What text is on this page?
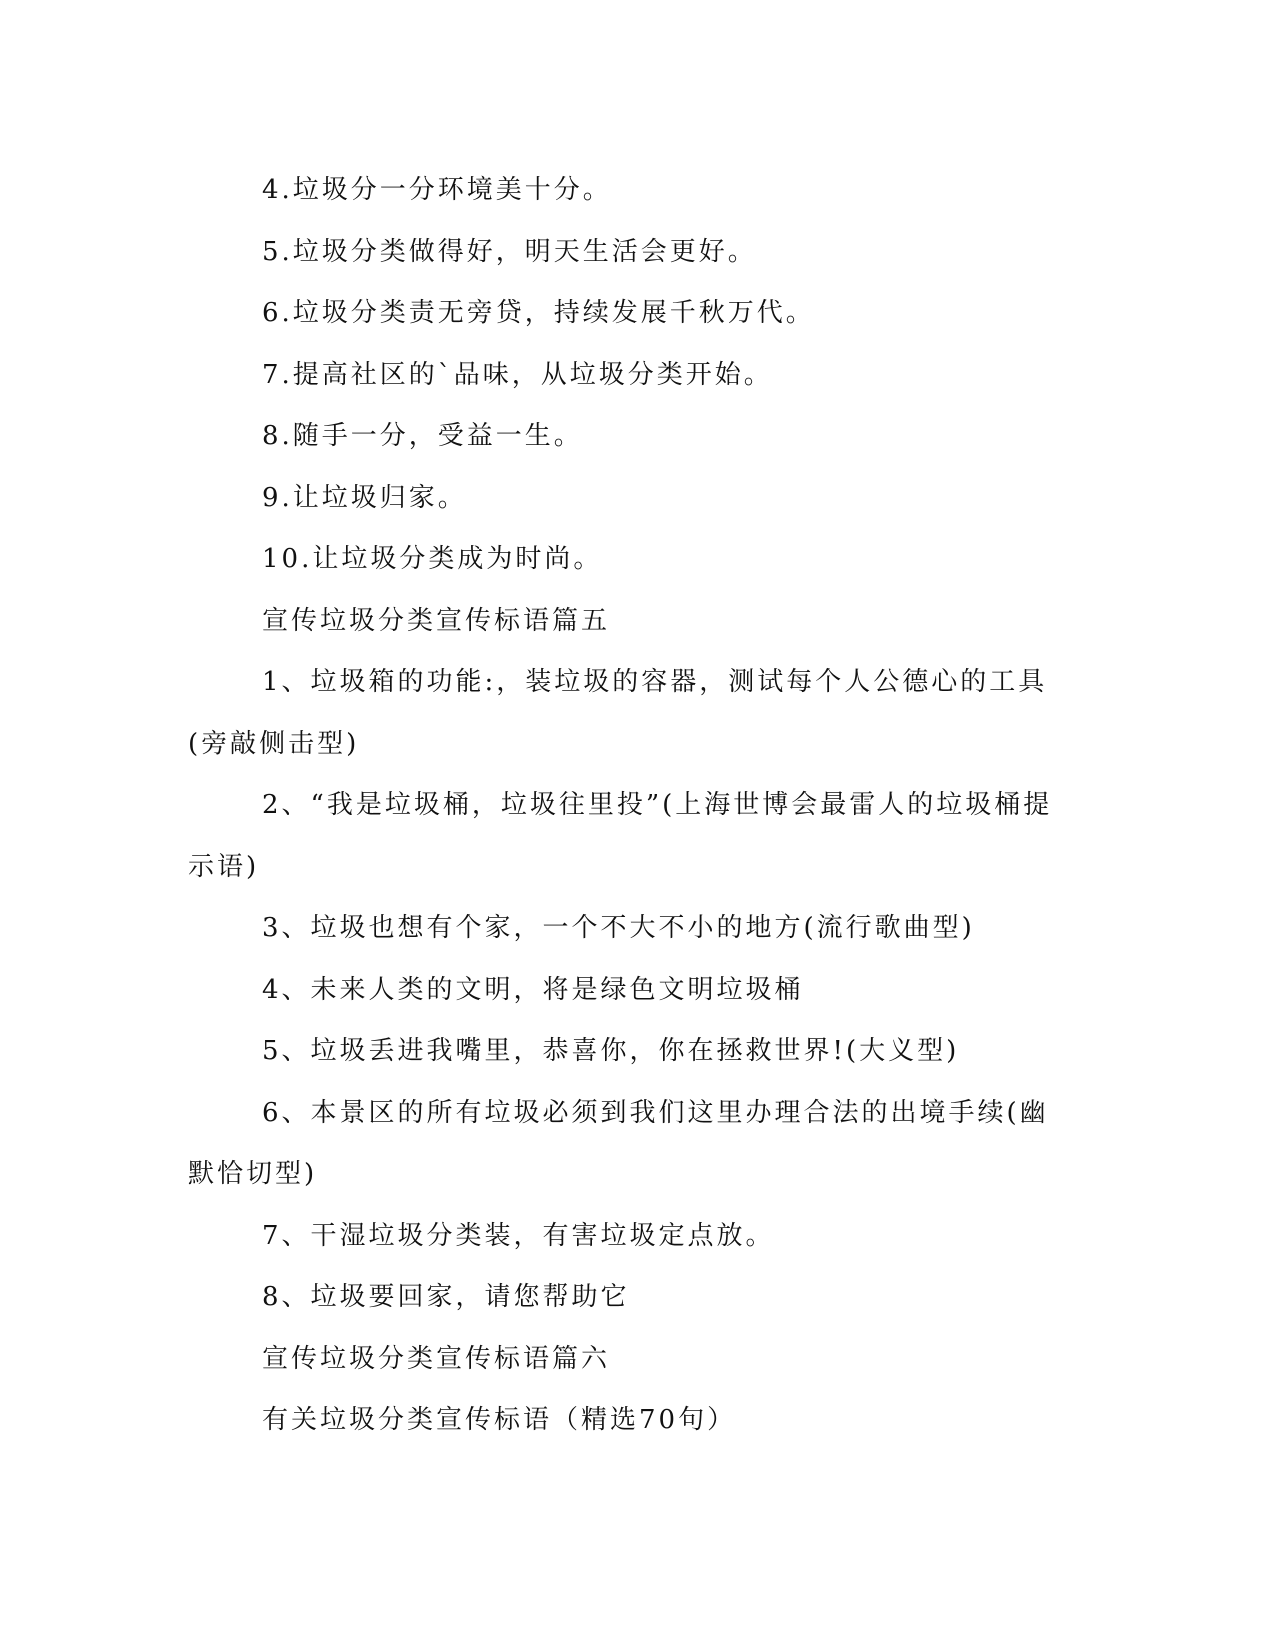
4.垃圾分一分环境美十分。

5.垃圾分类做得好，明天生活会更好。

6.垃圾分类责无旁贷，持续发展千秋万代。

7.提高社区的`品味，从垃圾分类开始。

8.随手一分，受益一生。

9.让垃圾归家。

10.让垃圾分类成为时尚。

宣传垃圾分类宣传标语篇五

1、垃圾箱的功能:，装垃圾的容器，测试每个人公德心的工具(旁敲侧击型)

2、“我是垃圾桶，垃圾往里投”(上海世博会最雷人的垃圾桶提示语)

3、垃圾也想有个家，一个不大不小的地方(流行歌曲型)

4、未来人类的文明，将是绿色文明垃圾桶

5、垃圾丢进我嘴里，恭喜你，你在拯救世界!(大义型)

6、本景区的所有垃圾必须到我们这里办理合法的出境手续(幽默恰切型)

7、干湿垃圾分类装，有害垃圾定点放。

8、垃圾要回家，请您帮助它

宣传垃圾分类宣传标语篇六

有关垃圾分类宣传标语（精选70句）
